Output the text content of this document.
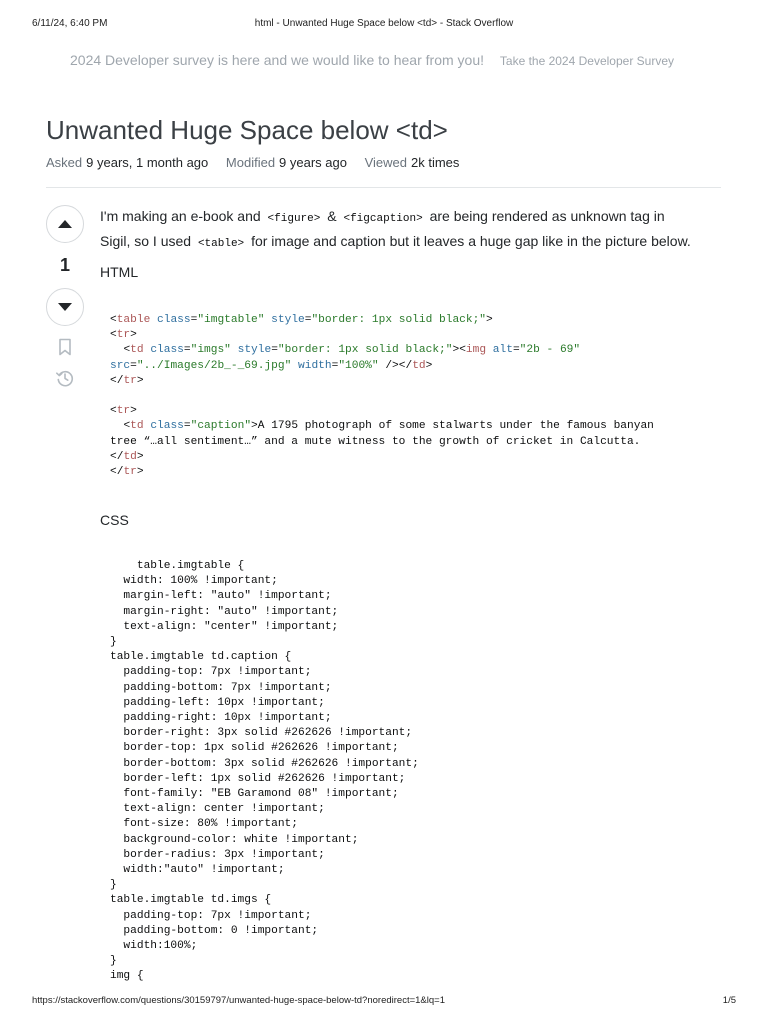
6/11/24, 6:40 PM	html - Unwanted Huge Space below <td> - Stack Overflow
2024 Developer survey is here and we would like to hear from you! Take the 2024 Developer Survey
Unwanted Huge Space below <td>
Asked 9 years, 1 month ago Modified 9 years ago Viewed 2k times
1

I'm making an e-book and <figure> & <figcaption> are being rendered as unknown tag in
Sigil, so I used <table> for image and caption but it leaves a huge gap like in the picture below.

HTML
<table class="imgtable" style="border: 1px solid black;">
<tr>
<td class="imgs" style="border: 1px solid black;"><img alt="2b - 69"
src="../Images/2b_-_69.jpg" width="100%" /></td>
</tr>

<tr>
<td class="caption">A 1795 photograph of some stalwarts under the famous banyan
tree “…all sentiment…” and a mute witness to the growth of cricket in Calcutta.
</td>
</tr>
CSS
table.imgtable {
width: 100% !important;
margin-left: "auto" !important;
margin-right: "auto" !important;
text-align: "center" !important;
}
table.imgtable td.caption {
padding-top: 7px !important;
padding-bottom: 7px !important;
padding-left: 10px !important;
padding-right: 10px !important;
border-right: 3px solid #262626 !important;
border-top: 1px solid #262626 !important;
border-bottom: 3px solid #262626 !important;
border-left: 1px solid #262626 !important;
font-family: "EB Garamond 08" !important;
text-align: center !important;
font-size: 80% !important;
background-color: white !important;
border-radius: 3px !important;
width:"auto" !important;
}
table.imgtable td.imgs {
padding-top: 7px !important;
padding-bottom: 0 !important;
width:100%;
}
img {
https://stackoverflow.com/questions/30159797/unwanted-huge-space-below-td?noredirect=1&lq=1	1/5
